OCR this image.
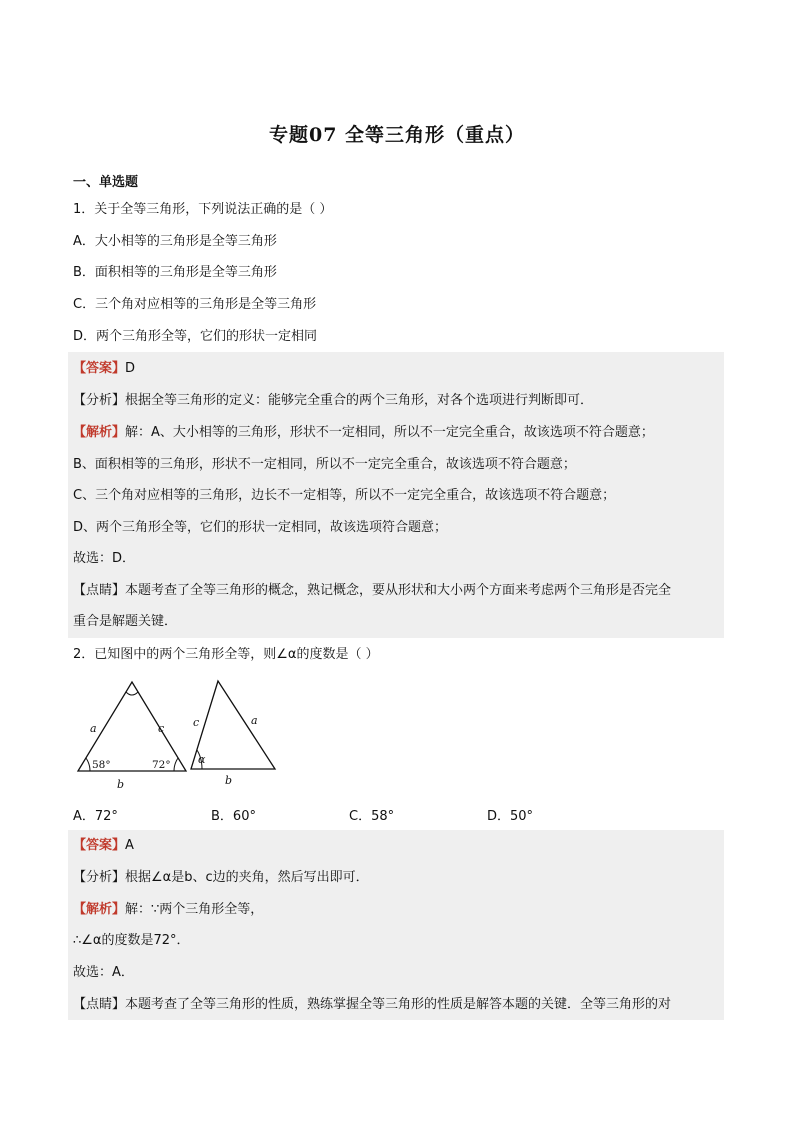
专题07 全等三角形（重点）
一、单选题
1．关于全等三角形，下列说法正确的是（ ）
A．大小相等的三角形是全等三角形
B．面积相等的三角形是全等三角形
C．三个角对应相等的三角形是全等三角形
D．两个三角形全等，它们的形状一定相同
【答案】D
【分析】根据全等三角形的定义：能够完全重合的两个三角形，对各个选项进行判断即可．
【解析】解：A、大小相等的三角形，形状不一定相同，所以不一定完全重合，故该选项不符合题意；
B、面积相等的三角形，形状不一定相同，所以不一定完全重合，故该选项不符合题意；
C、三个角对应相等的三角形，边长不一定相等，所以不一定完全重合，故该选项不符合题意；
D、两个三角形全等，它们的形状一定相同，故该选项符合题意；
故选：D．
【点睛】本题考查了全等三角形的概念，熟记概念，要从形状和大小两个方面来考虑两个三角形是否完全
重合是解题关键．
2．已知图中的两个三角形全等，则∠α的度数是（ ）
a	c
b
58°	72°
c	a
b
α
A．72°	B．60°	C．58°	D．50°
【答案】A
【分析】根据∠α是b、c边的夹角，然后写出即可．
【解析】解：∵两个三角形全等，
∴∠α的度数是72°．
故选：A．
【点睛】本题考查了全等三角形的性质，熟练掌握全等三角形的性质是解答本题的关键．全等三角形的对
